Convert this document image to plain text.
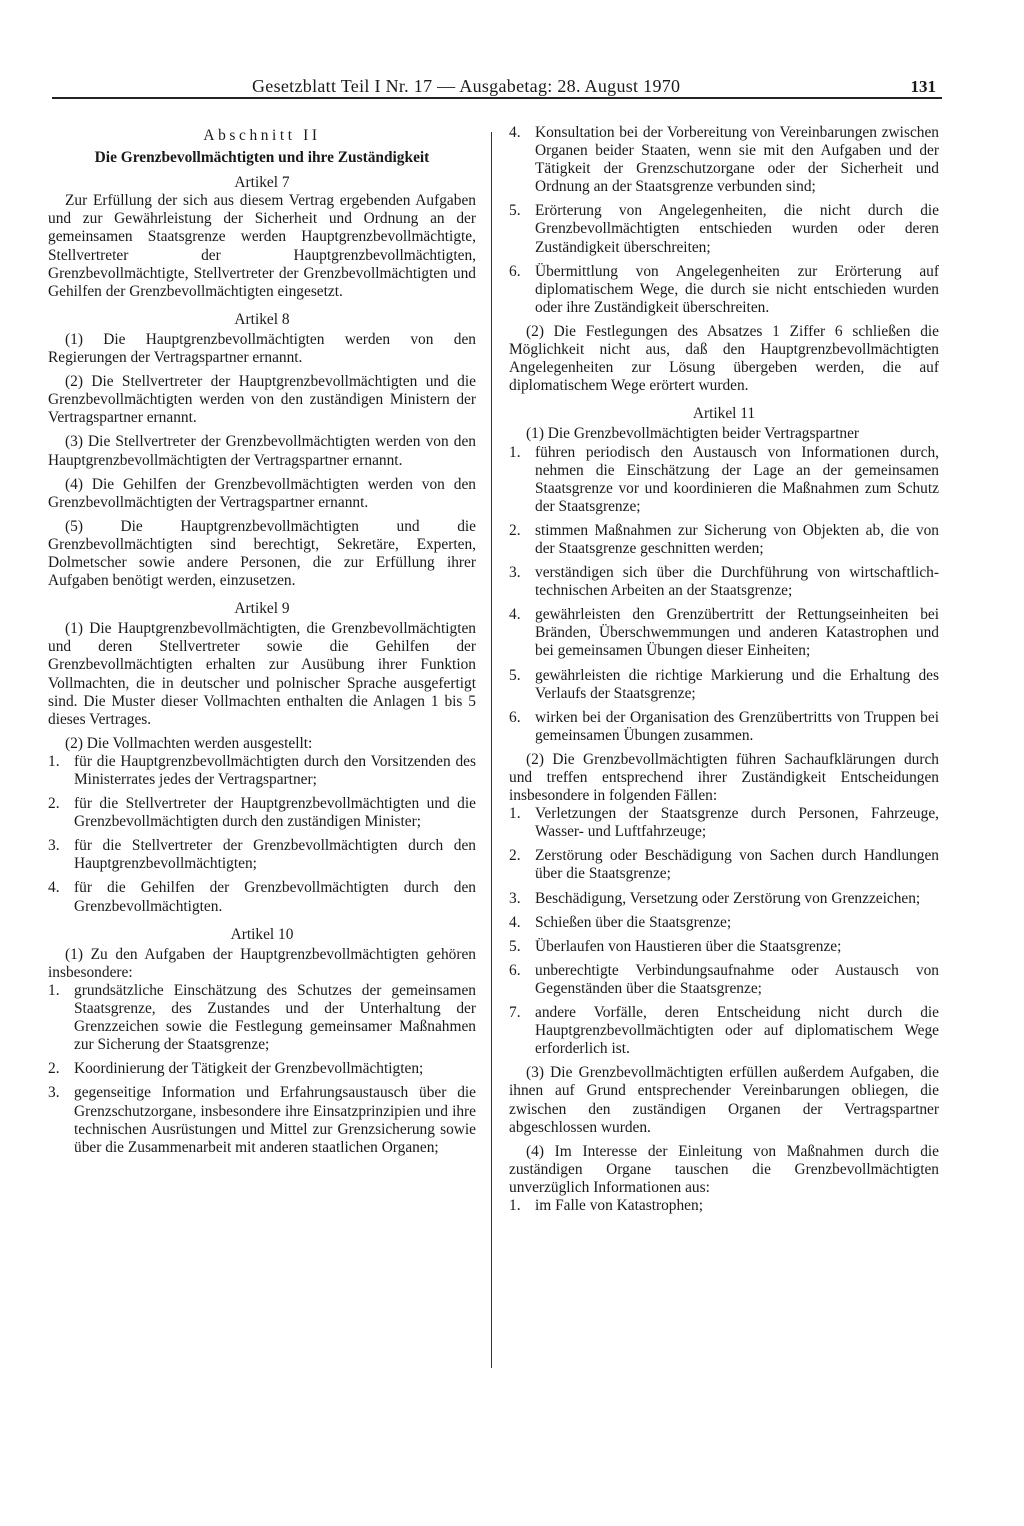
Gesetzblatt Teil I Nr. 17 — Ausgabetag: 28. August 1970	131

Abschnitt II

Die Grenzbevollmächtigten und ihre Zuständigkeit

Artikel 7

Zur Erfüllung der sich aus diesem Vertrag ergebenden Aufgaben und zur Gewährleistung der Sicherheit und Ordnung an der gemeinsamen Staatsgrenze werden Hauptgrenzbevollmächtigte, Stellvertreter der Hauptgrenzbevollmächtigten, Grenzbevollmächtigte, Stellvertreter der Grenzbevollmächtigten und Gehilfen der Grenzbevollmächtigten eingesetzt.

Artikel 8

(1) Die Hauptgrenzbevollmächtigten werden von den Regierungen der Vertragspartner ernannt.

(2) Die Stellvertreter der Hauptgrenzbevollmächtigten und die Grenzbevollmächtigten werden von den zuständigen Ministern der Vertragspartner ernannt.

(3) Die Stellvertreter der Grenzbevollmächtigten werden von den Hauptgrenzbevollmächtigten der Vertragspartner ernannt.

(4) Die Gehilfen der Grenzbevollmächtigten werden von den Grenzbevollmächtigten der Vertragspartner ernannt.

(5) Die Hauptgrenzbevollmächtigten und die Grenzbevollmächtigten sind berechtigt, Sekretäre, Experten, Dolmetscher sowie andere Personen, die zur Erfüllung ihrer Aufgaben benötigt werden, einzusetzen.

Artikel 9

(1) Die Hauptgrenzbevollmächtigten, die Grenzbevollmächtigten und deren Stellvertreter sowie die Gehilfen der Grenzbevollmächtigten erhalten zur Ausübung ihrer Funktion Vollmachten, die in deutscher und polnischer Sprache ausgefertigt sind. Die Muster dieser Vollmachten enthalten die Anlagen 1 bis 5 dieses Vertrages.

(2) Die Vollmachten werden ausgestellt:

1. für die Hauptgrenzbevollmächtigten durch den Vorsitzenden des Ministerrates jedes der Vertragspartner;
2. für die Stellvertreter der Hauptgrenzbevollmächtigten und die Grenzbevollmächtigten durch den zuständigen Minister;
3. für die Stellvertreter der Grenzbevollmächtigten durch den Hauptgrenzbevollmächtigten;
4. für die Gehilfen der Grenzbevollmächtigten durch den Grenzbevollmächtigten.

Artikel 10

(1) Zu den Aufgaben der Hauptgrenzbevollmächtigten gehören insbesondere:

1. grundsätzliche Einschätzung des Schutzes der gemeinsamen Staatsgrenze, des Zustandes und der Unterhaltung der Grenzzeichen sowie die Festlegung gemeinsamer Maßnahmen zur Sicherung der Staatsgrenze;
2. Koordinierung der Tätigkeit der Grenzbevollmächtigten;
3. gegenseitige Information und Erfahrungsaustausch über die Grenzschutzorgane, insbesondere ihre Einsatzprinzipien und ihre technischen Ausrüstungen und Mittel zur Grenzsicherung sowie über die Zusammenarbeit mit anderen staatlichen Organen;
4. Konsultation bei der Vorbereitung von Vereinbarungen zwischen Organen beider Staaten, wenn sie mit den Aufgaben und der Tätigkeit der Grenzschutzorgane oder der Sicherheit und Ordnung an der Staatsgrenze verbunden sind;
5. Erörterung von Angelegenheiten, die nicht durch die Grenzbevollmächtigten entschieden wurden oder deren Zuständigkeit überschreiten;
6. Übermittlung von Angelegenheiten zur Erörterung auf diplomatischem Wege, die durch sie nicht entschieden wurden oder ihre Zuständigkeit überschreiten.

(2) Die Festlegungen des Absatzes 1 Ziffer 6 schließen die Möglichkeit nicht aus, daß den Hauptgrenzbevollmächtigten Angelegenheiten zur Lösung übergeben werden, die auf diplomatischem Wege erörtert wurden.

Artikel 11

(1) Die Grenzbevollmächtigten beider Vertragspartner

1. führen periodisch den Austausch von Informationen durch, nehmen die Einschätzung der Lage an der gemeinsamen Staatsgrenze vor und koordinieren die Maßnahmen zum Schutz der Staatsgrenze;
2. stimmen Maßnahmen zur Sicherung von Objekten ab, die von der Staatsgrenze geschnitten werden;
3. verständigen sich über die Durchführung von wirtschaftlich-technischen Arbeiten an der Staatsgrenze;
4. gewährleisten den Grenzübertritt der Rettungseinheiten bei Bränden, Überschwemmungen und anderen Katastrophen und bei gemeinsamen Übungen dieser Einheiten;
5. gewährleisten die richtige Markierung und die Erhaltung des Verlaufs der Staatsgrenze;
6. wirken bei der Organisation des Grenzübertritts von Truppen bei gemeinsamen Übungen zusammen.

(2) Die Grenzbevollmächtigten führen Sachaufklärungen durch und treffen entsprechend ihrer Zuständigkeit Entscheidungen insbesondere in folgenden Fällen:

1. Verletzungen der Staatsgrenze durch Personen, Fahrzeuge, Wasser- und Luftfahrzeuge;
2. Zerstörung oder Beschädigung von Sachen durch Handlungen über die Staatsgrenze;
3. Beschädigung, Versetzung oder Zerstörung von Grenzzeichen;
4. Schießen über die Staatsgrenze;
5. Überlaufen von Haustieren über die Staatsgrenze;
6. unberechtigte Verbindungsaufnahme oder Austausch von Gegenständen über die Staatsgrenze;
7. andere Vorfälle, deren Entscheidung nicht durch die Hauptgrenzbevollmächtigten oder auf diplomatischem Wege erforderlich ist.

(3) Die Grenzbevollmächtigten erfüllen außerdem Aufgaben, die ihnen auf Grund entsprechender Vereinbarungen obliegen, die zwischen den zuständigen Organen der Vertragspartner abgeschlossen wurden.

(4) Im Interesse der Einleitung von Maßnahmen durch die zuständigen Organe tauschen die Grenzbevollmächtigten unverzüglich Informationen aus:

1. im Falle von Katastrophen;
